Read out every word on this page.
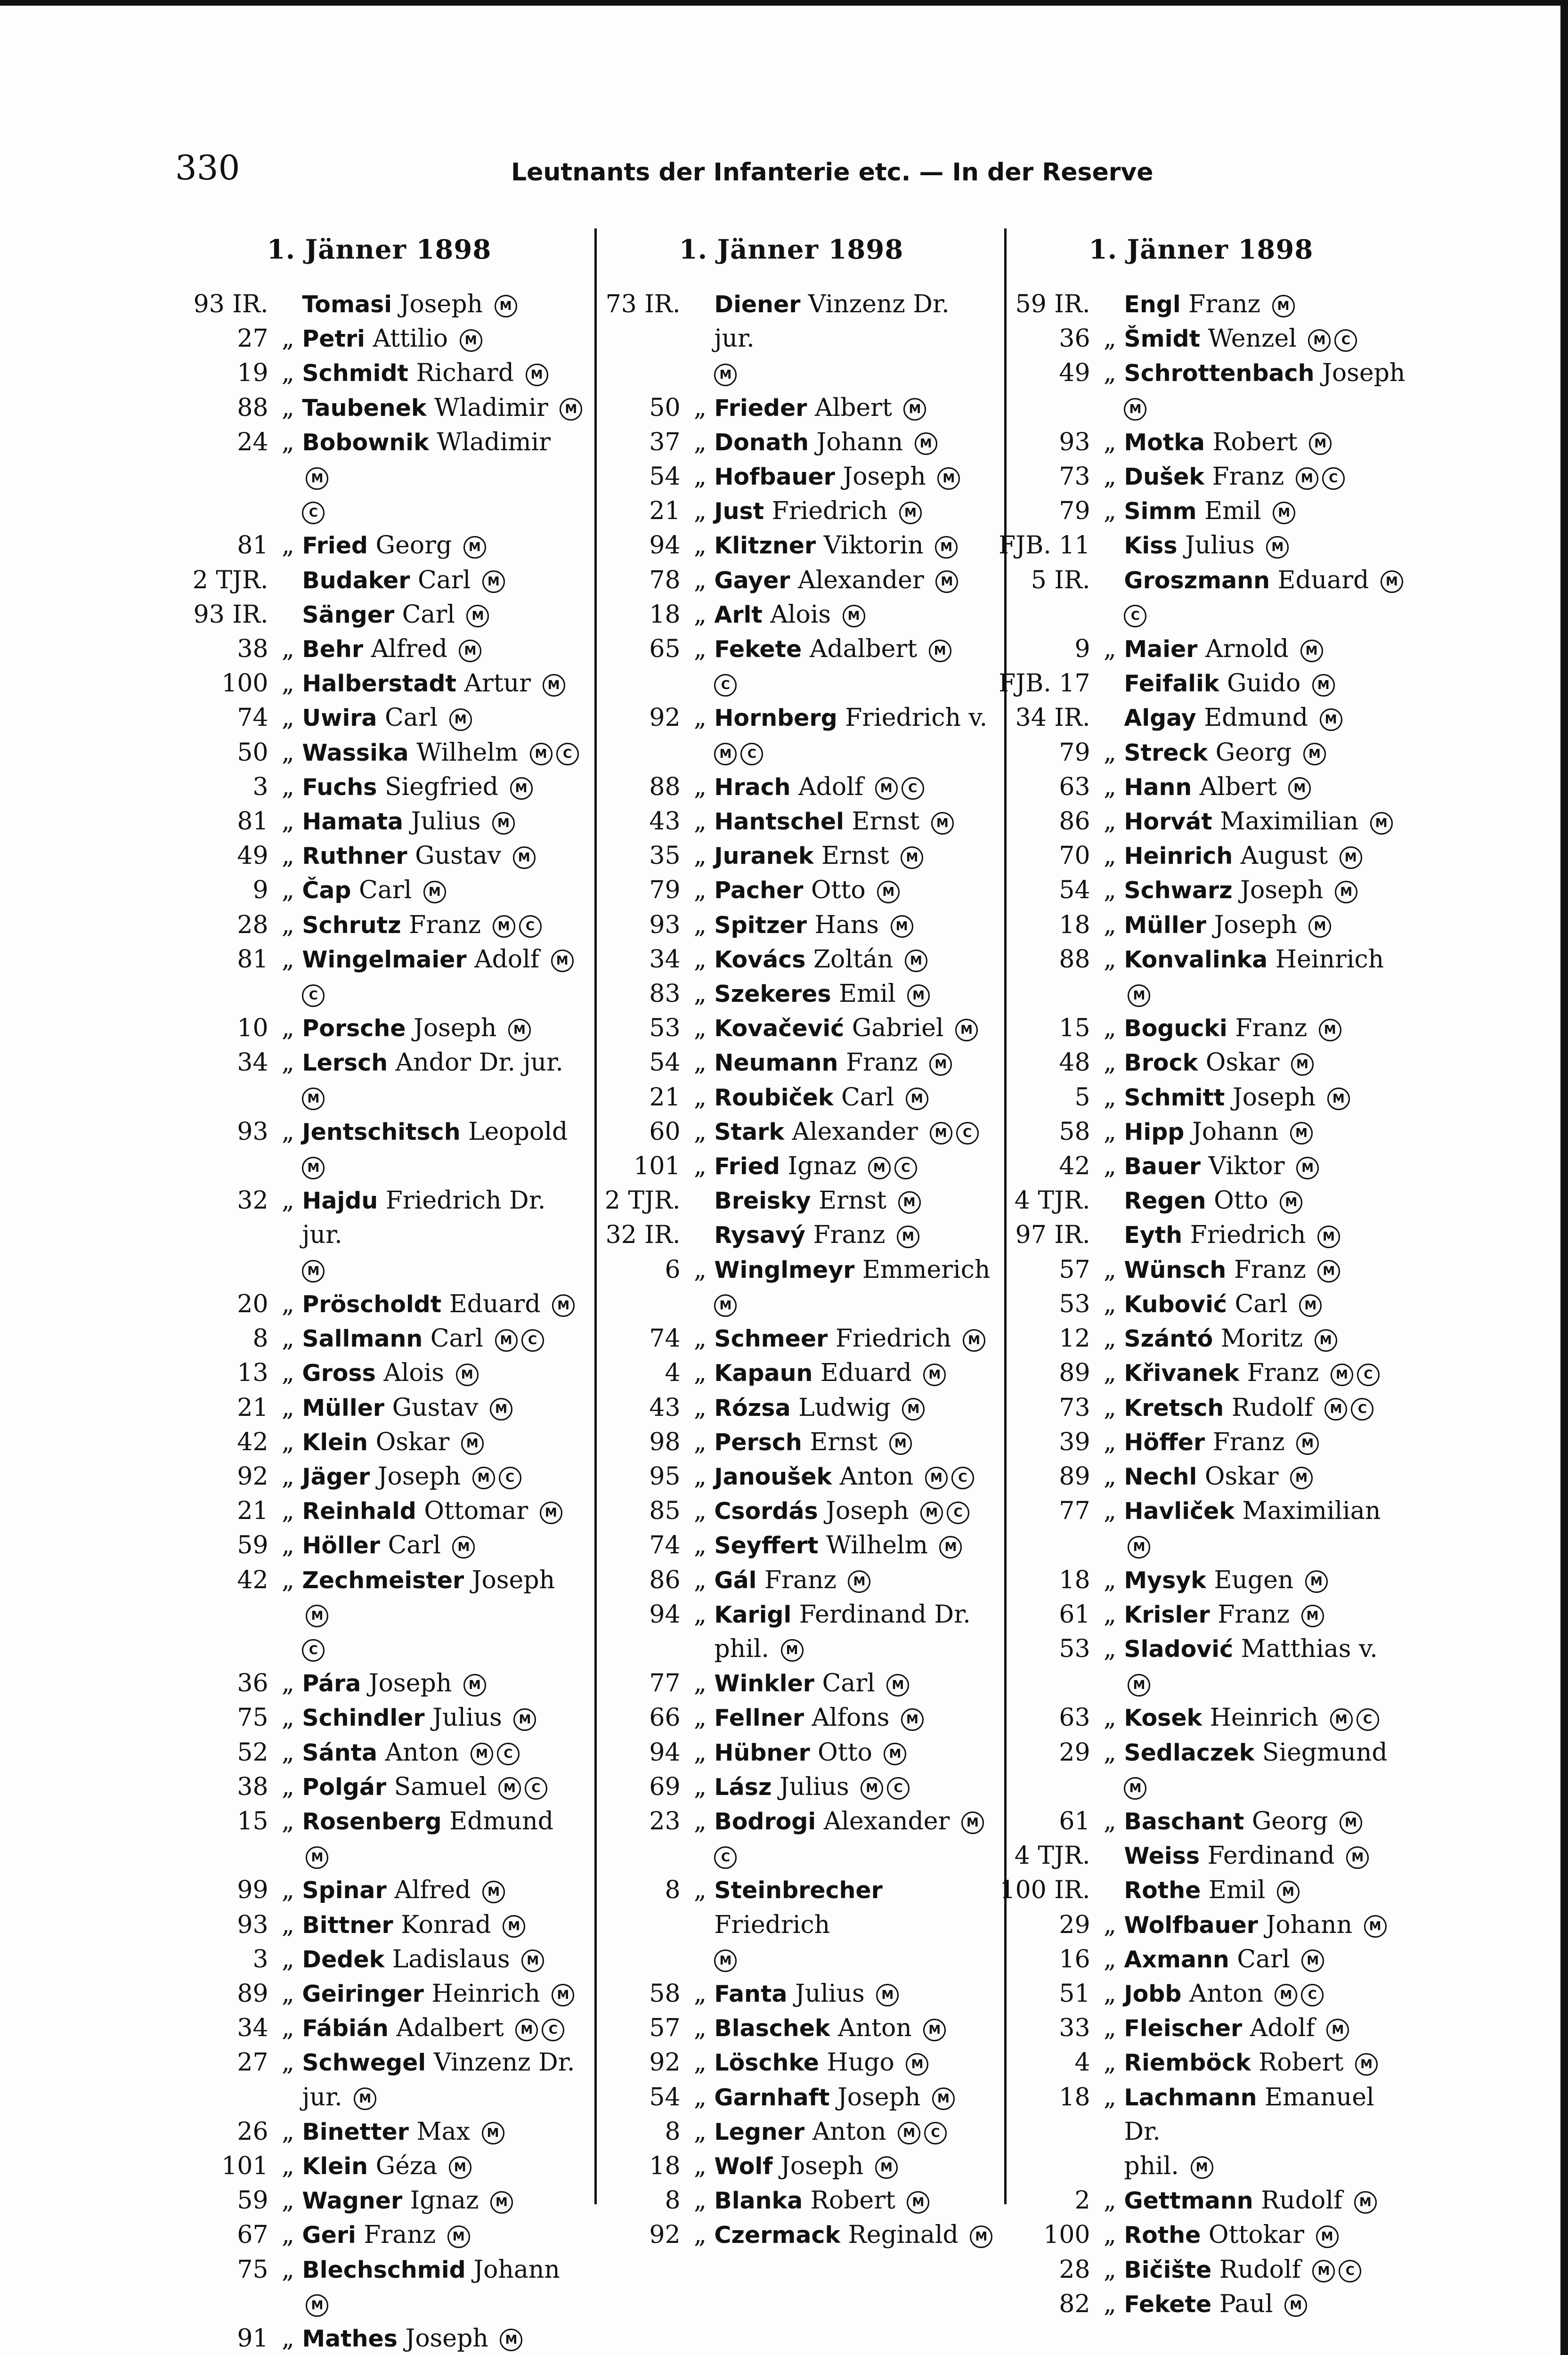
330	Leutnants der Infanterie etc. — In der Reserve
1. Jänner 1898
93 IR. Tomasi Joseph M
27 „ Petri Attilio M
19 „ Schmidt Richard M
88 „ Taubenek Wladimir M
24 „ Bobownik Wladimir M
C
81 „ Fried Georg M
2 TJR. Budaker Carl M
93 IR. Sänger Carl M
38 „ Behr Alfred M
100 „ Halberstadt Artur M
74 „ Uwira Carl M
50 „ Wassika Wilhelm M C
3 „ Fuchs Siegfried M
81 „ Hamata Julius M
49 „ Ruthner Gustav M
9 „ Čap Carl M
28 „ Schrutz Franz M C
81 „ Wingelmaier Adolf M
C
10 „ Porsche Joseph M
34 „ Lersch Andor Dr. jur.
M
93 „ Jentschitsch Leopold
M
32 „ Hajdu Friedrich Dr. jur.
M
20 „ Pröscholdt Eduard M
8 „ Sallmann Carl M C
13 „ Gross Alois M
21 „ Müller Gustav M
42 „ Klein Oskar M
92 „ Jäger Joseph M C
21 „ Reinhald Ottomar M
59 „ Höller Carl M
42 „ Zechmeister Joseph M
C
36 „ Pára Joseph M
75 „ Schindler Julius M
52 „ Sánta Anton M C
38 „ Polgár Samuel M C
15 „ Rosenberg Edmund M
99 „ Spinar Alfred M
93 „ Bittner Konrad M
3 „ Dedek Ladislaus M
89 „ Geiringer Heinrich M
34 „ Fábián Adalbert M C
27 „ Schwegel Vinzenz Dr.
jur. M
26 „ Binetter Max M
101 „ Klein Géza M
59 „ Wagner Ignaz M
67 „ Geri Franz M
75 „ Blechschmid Johann M
91 „ Mathes Joseph M
1. Jänner 1898
73 IR. Diener Vinzenz Dr. jur.
M
50 „ Frieder Albert M
37 „ Donath Johann M
54 „ Hofbauer Joseph M
21 „ Just Friedrich M
94 „ Klitzner Viktorin M
78 „ Gayer Alexander M
18 „ Arlt Alois M
65 „ Fekete Adalbert M
C
92 „ Hornberg Friedrich v.
M C
88 „ Hrach Adolf M C
43 „ Hantschel Ernst M
35 „ Juranek Ernst M
79 „ Pacher Otto M
93 „ Spitzer Hans M
34 „ Kovács Zoltán M
83 „ Szekeres Emil M
53 „ Kovačević Gabriel M
54 „ Neumann Franz M
21 „ Roubiček Carl M
60 „ Stark Alexander M C
101 „ Fried Ignaz M C
2 TJR. Breisky Ernst M
32 IR. Rysavý Franz M
6 „ Winglmeyr Emmerich
M
74 „ Schmeer Friedrich M
4 „ Kapaun Eduard M
43 „ Rózsa Ludwig M
98 „ Persch Ernst M
95 „ Janoušek Anton M C
85 „ Csordás Joseph M C
74 „ Seyffert Wilhelm M
86 „ Gál Franz M
94 „ Karigl Ferdinand Dr.
phil. M
77 „ Winkler Carl M
66 „ Fellner Alfons M
94 „ Hübner Otto M
69 „ Lász Julius M C
23 „ Bodrogi Alexander M
C
8 „ Steinbrecher Friedrich
M
58 „ Fanta Julius M
57 „ Blaschek Anton M
92 „ Löschke Hugo M
54 „ Garnhaft Joseph M
8 „ Legner Anton M C
18 „ Wolf Joseph M
8 „ Blanka Robert M
92 „ Czermack Reginald M
1. Jänner 1898
59 IR. Engl Franz M
36 „ Šmidt Wenzel M C
49 „ Schrottenbach Joseph
M
93 „ Motka Robert M
73 „ Dušek Franz M C
79 „ Simm Emil M
FJB. 11 Kiss Julius M
5 IR. Groszmann Eduard M
C
9 „ Maier Arnold M
FJB. 17 Feifalik Guido M
34 IR. Algay Edmund M
79 „ Streck Georg M
63 „ Hann Albert M
86 „ Horvát Maximilian M
70 „ Heinrich August M
54 „ Schwarz Joseph M
18 „ Müller Joseph M
88 „ Konvalinka Heinrich M
15 „ Bogucki Franz M
48 „ Brock Oskar M
5 „ Schmitt Joseph M
58 „ Hipp Johann M
42 „ Bauer Viktor M
4 TJR. Regen Otto M
97 IR. Eyth Friedrich M
57 „ Wünsch Franz M
53 „ Kubović Carl M
12 „ Szántó Moritz M
89 „ Křivanek Franz M C
73 „ Kretsch Rudolf M C
39 „ Höffer Franz M
89 „ Nechl Oskar M
77 „ Havliček Maximilian M
18 „ Mysyk Eugen M
61 „ Krisler Franz M
53 „ Sladović Matthias v. M
63 „ Kosek Heinrich M C
29 „ Sedlaczek Siegmund
M
61 „ Baschant Georg M
4 TJR. Weiss Ferdinand M
100 IR. Rothe Emil M
29 „ Wolfbauer Johann M
16 „ Axmann Carl M
51 „ Jobb Anton M C
33 „ Fleischer Adolf M
4 „ Riemböck Robert M
18 „ Lachmann Emanuel Dr.
phil. M
2 „ Gettmann Rudolf M
100 „ Rothe Ottokar M
28 „ Bičište Rudolf M C
82 „ Fekete Paul M
